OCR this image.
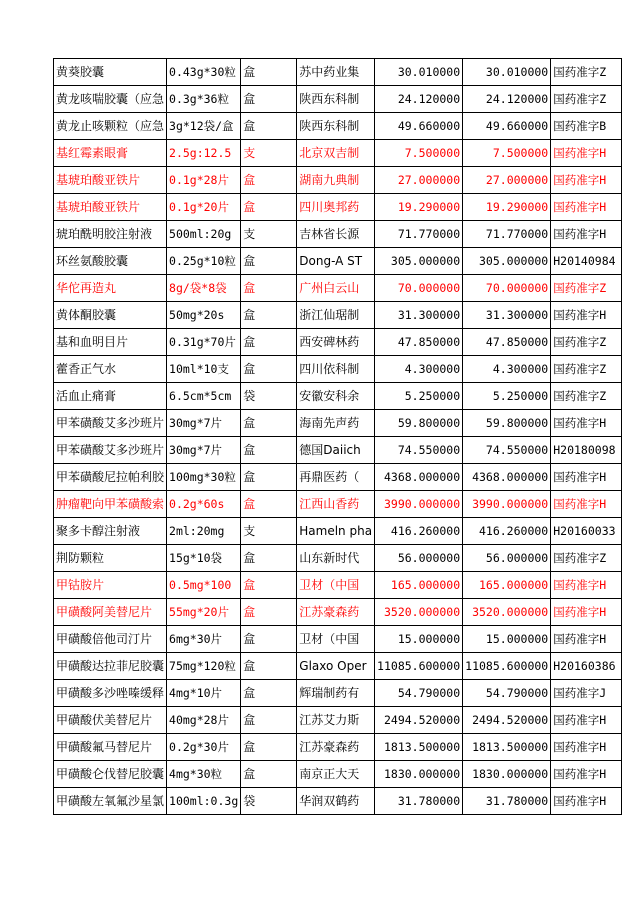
黄葵胶囊	0.43g*30粒	盒	苏中药业集	30.010000	30.010000	国药准字Z
黄龙咳喘胶囊（应急	0.3g*36粒	盒	陕西东科制	24.120000	24.120000	国药准字Z
黄龙止咳颗粒（应急	3g*12袋/盒	盒	陕西东科制	49.660000	49.660000	国药准字B
基红霉素眼膏	2.5g:12.5	支	北京双吉制	7.500000	7.500000	国药准字H
基琥珀酸亚铁片	0.1g*28片	盒	湖南九典制	27.000000	27.000000	国药准字H
基琥珀酸亚铁片	0.1g*20片	盒	四川奥邦药	19.290000	19.290000	国药准字H
琥珀酰明胶注射液	500ml:20g	支	吉林省长源	71.770000	71.770000	国药准字H
环丝氨酸胶囊	0.25g*10粒	盒	Dong-A ST	305.000000	305.000000	H20140984
华佗再造丸	8g/袋*8袋	盒	广州白云山	70.000000	70.000000	国药准字Z
黄体酮胶囊	50mg*20s	盒	浙江仙琚制	31.300000	31.300000	国药准字H
基和血明目片	0.31g*70片	盒	西安碑林药	47.850000	47.850000	国药准字Z
藿香正气水	10ml*10支	盒	四川依科制	4.300000	4.300000	国药准字Z
活血止痛膏	6.5cm*5cm	袋	安徽安科余	5.250000	5.250000	国药准字Z
甲苯磺酸艾多沙班片	30mg*7片	盒	海南先声药	59.800000	59.800000	国药准字H
甲苯磺酸艾多沙班片	30mg*7片	盒	德国Daiich	74.550000	74.550000	H20180098
甲苯磺酸尼拉帕利胶	100mg*30粒	盒	再鼎医药（	4368.000000	4368.000000	国药准字H
肿瘤靶向甲苯磺酸索	0.2g*60s	盒	江西山香药	3990.000000	3990.000000	国药准字H
聚多卡醇注射液	2ml:20mg	支	Hameln pha	416.260000	416.260000	H20160033
荆防颗粒	15g*10袋	盒	山东新时代	56.000000	56.000000	国药准字Z
甲钴胺片	0.5mg*100	盒	卫材（中国	165.000000	165.000000	国药准字H
甲磺酸阿美替尼片	55mg*20片	盒	江苏豪森药	3520.000000	3520.000000	国药准字H
甲磺酸倍他司汀片	6mg*30片	盒	卫材（中国	15.000000	15.000000	国药准字H
甲磺酸达拉菲尼胶囊	75mg*120粒	盒	Glaxo Oper	11085.600000	11085.600000	H20160386
甲磺酸多沙唑嗪缓释	4mg*10片	盒	辉瑞制药有	54.790000	54.790000	国药准字J
甲磺酸伏美替尼片	40mg*28片	盒	江苏艾力斯	2494.520000	2494.520000	国药准字H
甲磺酸氟马替尼片	0.2g*30片	盒	江苏豪森药	1813.500000	1813.500000	国药准字H
甲磺酸仑伐替尼胶囊	4mg*30粒	盒	南京正大天	1830.000000	1830.000000	国药准字H
甲磺酸左氧氟沙星氯	100ml:0.3g	袋	华润双鹤药	31.780000	31.780000	国药准字H
